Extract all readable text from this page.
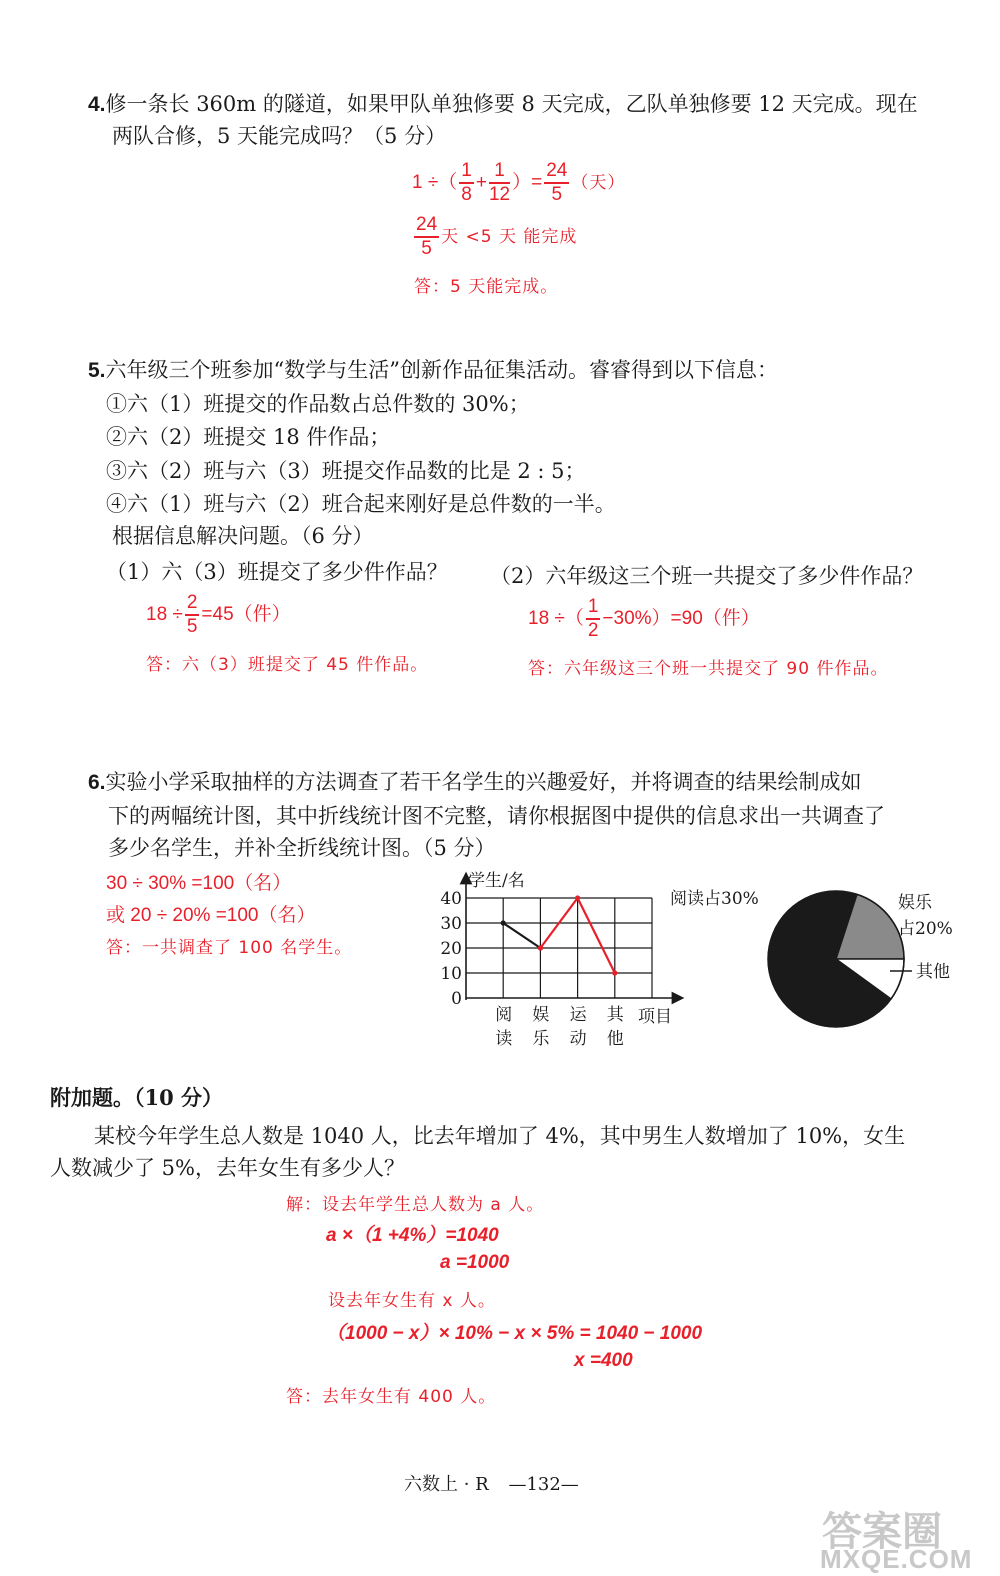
4.修一条长 360m 的隧道，如果甲队单独修要 8 天完成，乙队单独修要 12 天完成。现在
两队合修，5 天能完成吗？（5 分）
1 ÷（ $\frac{1}{8} + \frac{1}{12}$ ）= $\frac{24}{5}$ （天）
$\frac{24}{5}$ 天 <5 天 能完成
答：5 天能完成。
5.六年级三个班参加“数学与生活”创新作品征集活动。睿睿得到以下信息：
①六（1）班提交的作品数占总件数的 30%；
②六（2）班提交 18 件作品；
③六（2）班与六（3）班提交作品数的比是 2 : 5；
④六（1）班与六（2）班合起来刚好是总件数的一半。
根据信息解决问题。（6 分）
（1）六（3）班提交了多少件作品？ （2）六年级这三个班一共提交了多少件作品？
$18 \div \frac{2}{5} =45$（件）	18 ÷（ $\frac{1}{2} -30\%)=90$（件）
答：六（3）班提交了 45 件作品。	答：六年级这三个班一共提交了 90 件作品。
6.实验小学采取抽样的方法调查了若干名学生的兴趣爱好，并将调查的结果绘制成如
下的两幅统计图，其中折线统计图不完整，请你根据图中提供的信息求出一共调查了
多少名学生，并补全折线统计图。（5 分）
30 ÷ 30% =100（名）
或 20 ÷ 20% =100（名）
答：一共调查了 100 名学生。
学生/名
0
10
20
30
40
阅
读
娱
乐
运
动
其
他
项目
阅读占30%	娱乐
占20%
其他
附加题。（10 分）
某校今年学生总人数是 1040 人，比去年增加了 4%，其中男生人数增加了 10%，女生
人数减少了 5%，去年女生有多少人？
解：设去年学生总人数为 a 人。
a ×（1 +4%）=1040
a =1000
设去年女生有 x 人。
（1000 − x）× 10% − x × 5% = 1040 − 1000
x =400
答：去年女生有 400 人。
六数上 · R —132—
答案圈
MXQE.COM
